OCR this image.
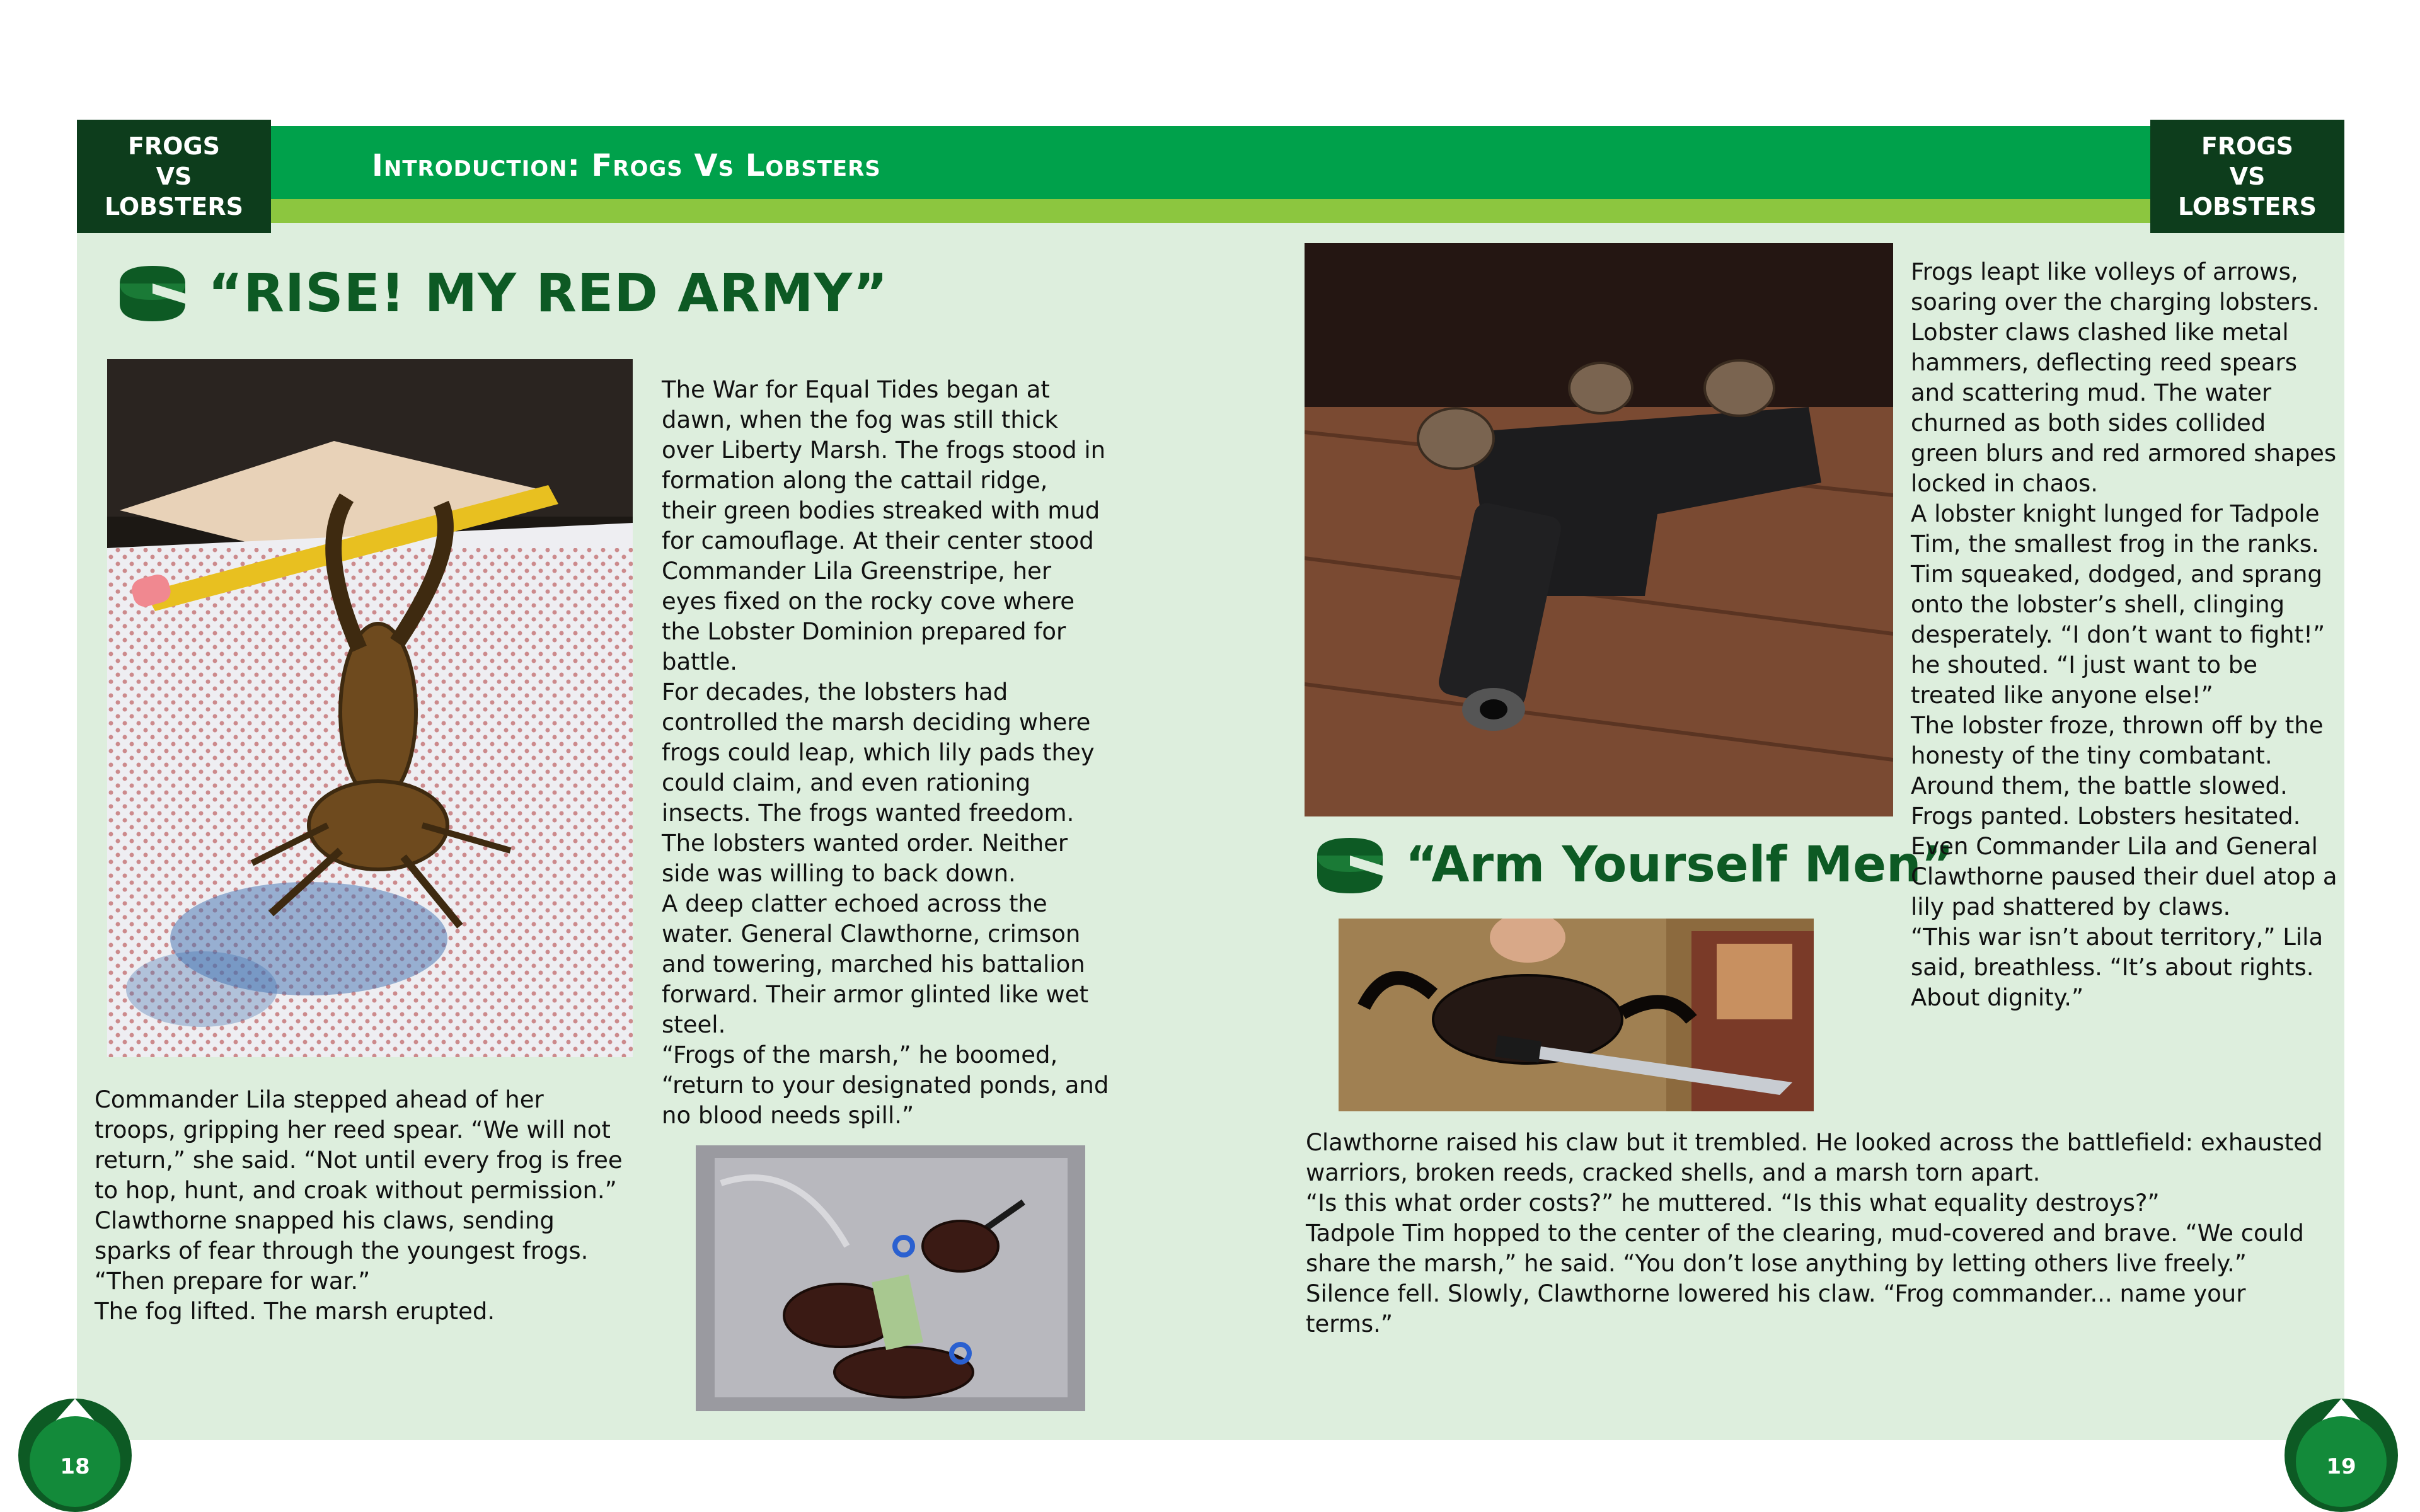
Introduction: Frogs Vs Lobsters
FROGS
VS
LOBSTERS
FROGS
VS
LOBSTERS
“RISE! MY RED ARMY”

The War for Equal Tides began at dawn, when the fog was still thick over Liberty Marsh. The frogs stood in formation along the cattail ridge, their green bodies streaked with mud for camouflage. At their center stood Commander Lila Greenstripe, her eyes fixed on the rocky cove where the Lobster Dominion prepared for battle.

For decades, the lobsters had controlled the marsh deciding where frogs could leap, which lily pads they could claim, and even rationing insects. The frogs wanted freedom. The lobsters wanted order. Neither side was willing to back down.

A deep clatter echoed across the water. General Clawthorne, crimson and towering, marched his battalion forward. Their armor glinted like wet steel.

“Frogs of the marsh,” he boomed, “return to your designated ponds, and no blood needs spill.”

Commander Lila stepped ahead of her troops, gripping her reed spear. “We will not return,” she said. “Not until every frog is free to hop, hunt, and croak without permission.”

Clawthorne snapped his claws, sending sparks of fear through the youngest frogs.

“Then prepare for war.”

The fog lifted. The marsh erupted.

18
“Arm Yourself Men”

Frogs leapt like volleys of arrows, soaring over the charging lobsters. Lobster claws clashed like metal hammers, deflecting reed spears and scattering mud. The water churned as both sides collided green blurs and red armored shapes locked in chaos.

A lobster knight lunged for Tadpole Tim, the smallest frog in the ranks. Tim squeaked, dodged, and sprang onto the lobster’s shell, clinging desperately. “I don’t want to fight!” he shouted. “I just want to be treated like anyone else!”

The lobster froze, thrown off by the honesty of the tiny combatant. Around them, the battle slowed. Frogs panted. Lobsters hesitated. Even Commander Lila and General Clawthorne paused their duel atop a lily pad shattered by claws.

“This war isn’t about territory,” Lila said, breathless. “It’s about rights. About dignity.”

Clawthorne raised his claw but it trembled. He looked across the battlefield: exhausted warriors, broken reeds, cracked shells, and a marsh torn apart.

“Is this what order costs?” he muttered. “Is this what equality destroys?”

Tadpole Tim hopped to the center of the clearing, mud-covered and brave. “We could share the marsh,” he said. “You don’t lose anything by letting others live freely.”

Silence fell. Slowly, Clawthorne lowered his claw. “Frog commander... name your terms.”

19
